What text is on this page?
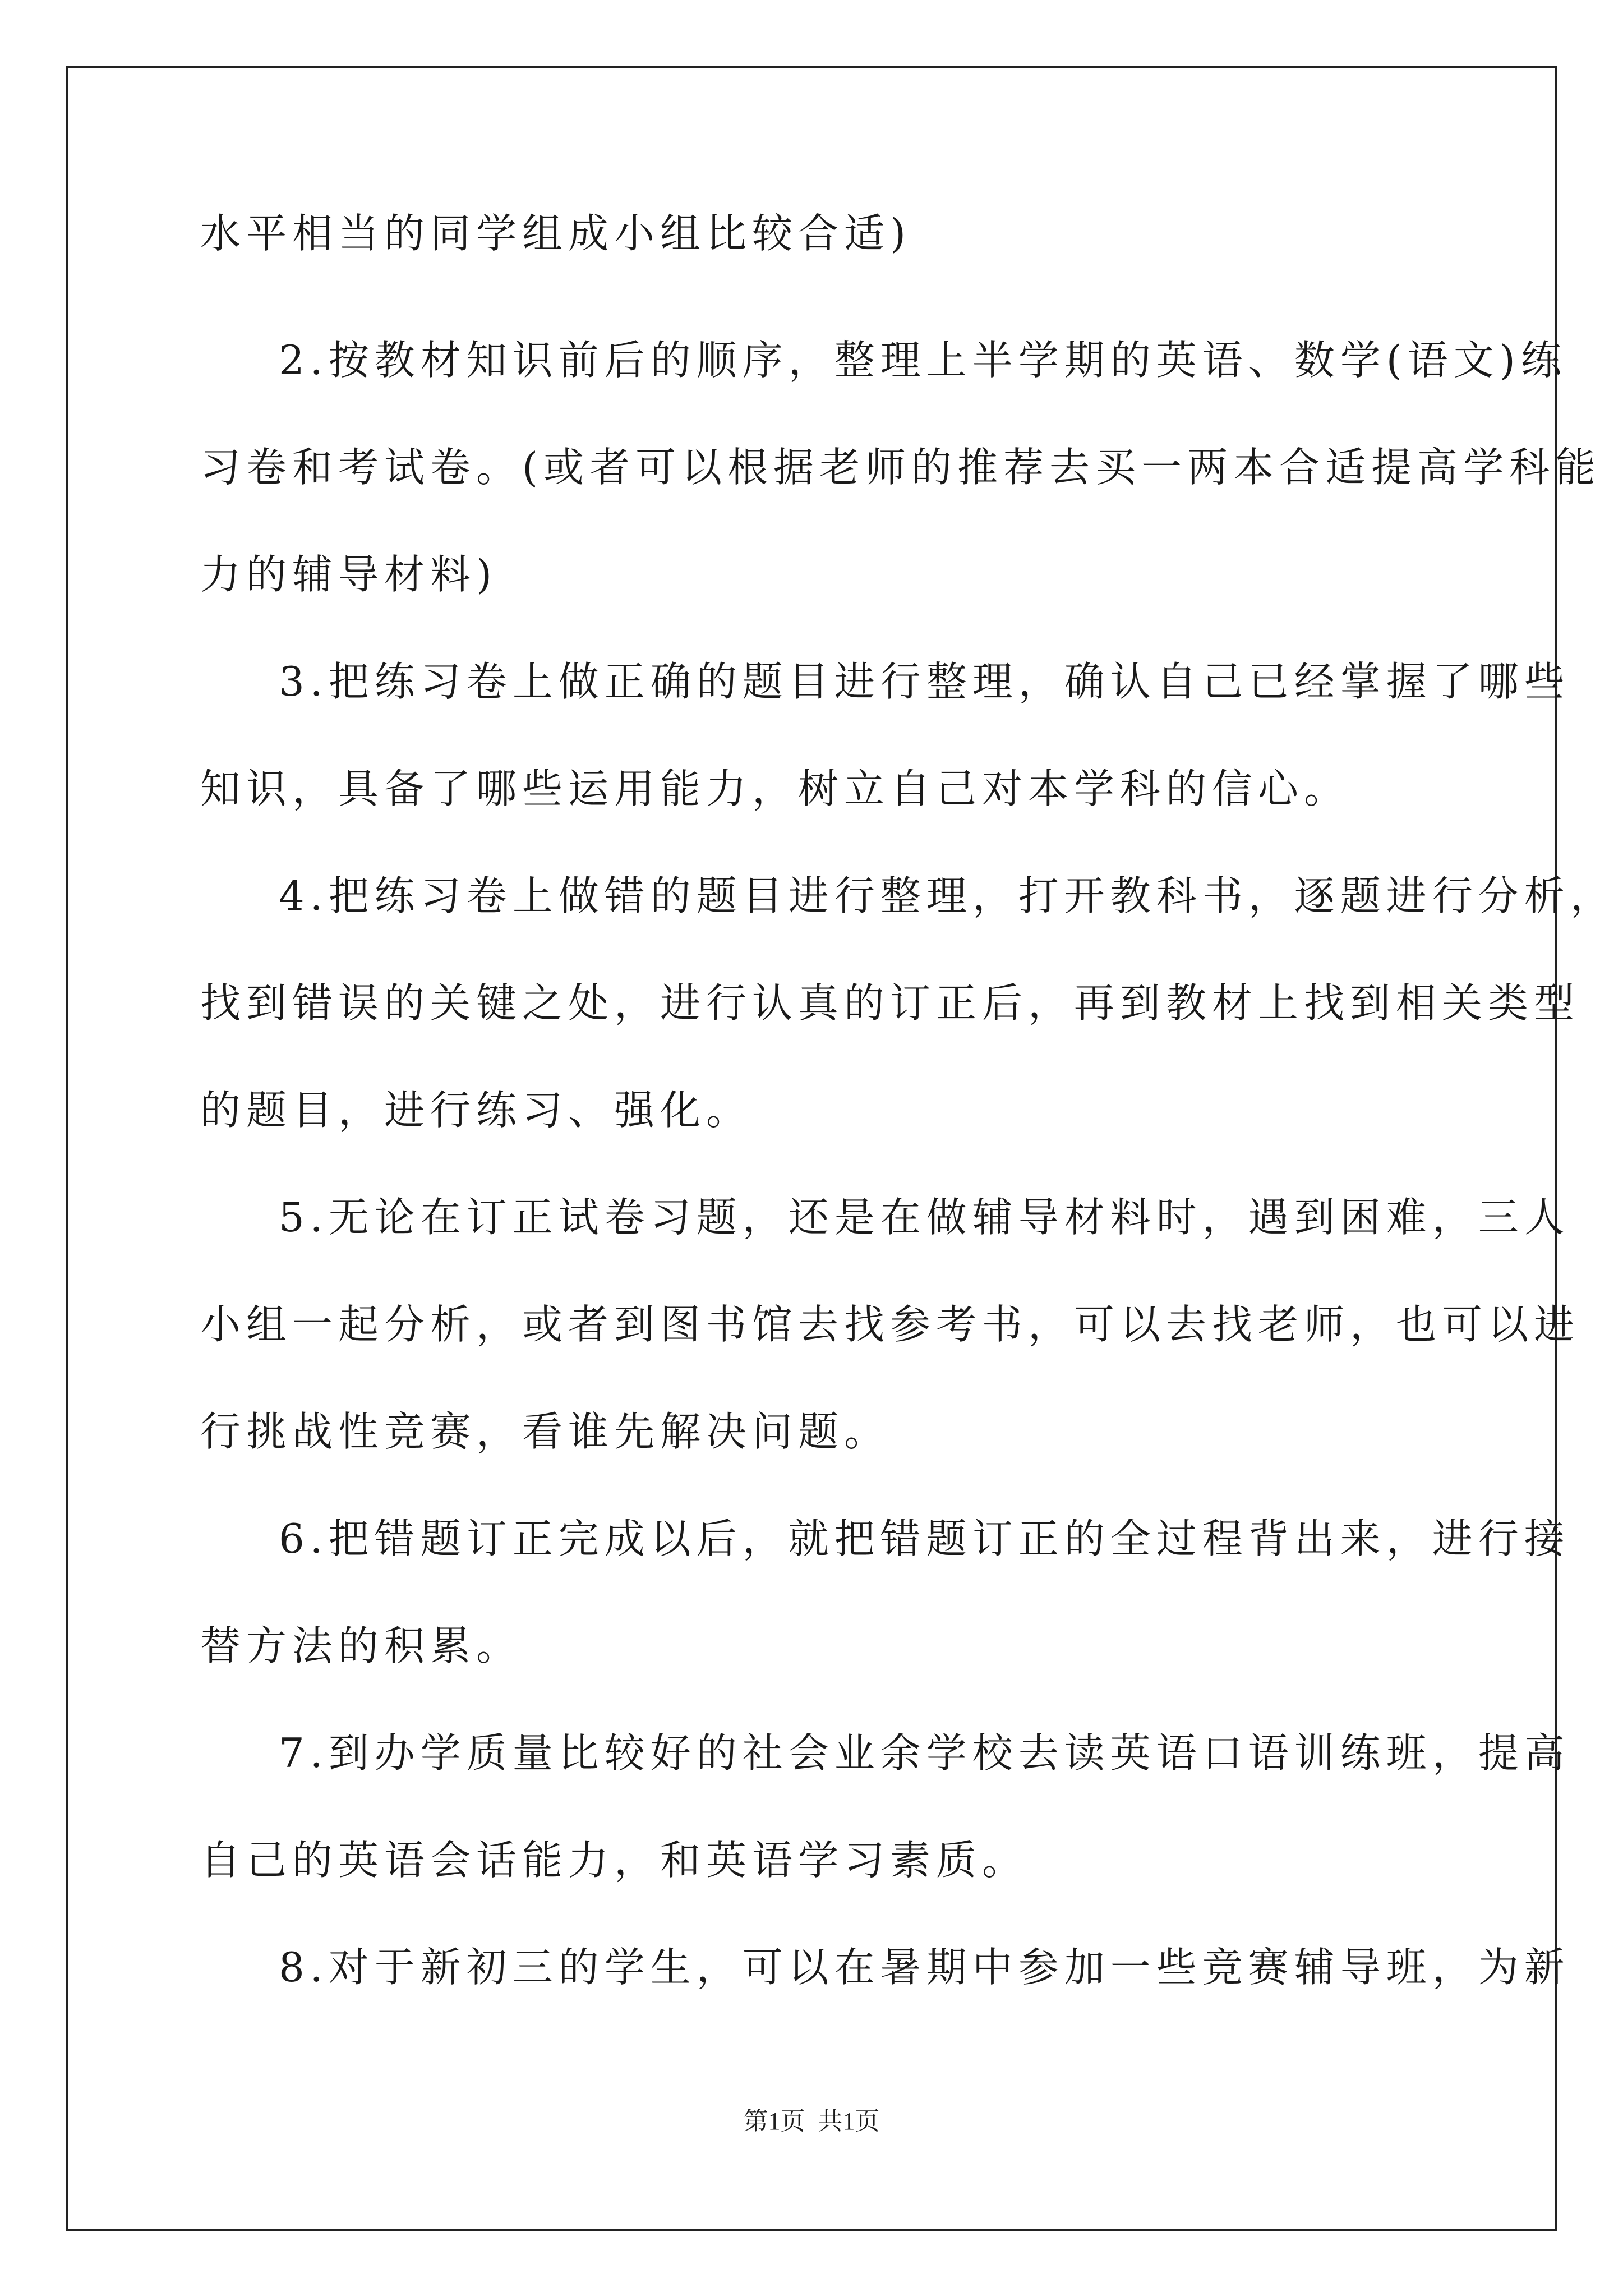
水平相当的同学组成小组比较合适)
2.按教材知识前后的顺序，整理上半学期的英语、数学(语文)练
习卷和考试卷。(或者可以根据老师的推荐去买一两本合适提高学科能
力的辅导材料)
3.把练习卷上做正确的题目进行整理，确认自己已经掌握了哪些
知识，具备了哪些运用能力，树立自己对本学科的信心。
4.把练习卷上做错的题目进行整理，打开教科书，逐题进行分析，
找到错误的关键之处，进行认真的订正后，再到教材上找到相关类型
的题目，进行练习、强化。
5.无论在订正试卷习题，还是在做辅导材料时，遇到困难，三人
小组一起分析，或者到图书馆去找参考书，可以去找老师，也可以进
行挑战性竞赛，看谁先解决问题。
6.把错题订正完成以后，就把错题订正的全过程背出来，进行接
替方法的积累。
7.到办学质量比较好的社会业余学校去读英语口语训练班，提高
自己的英语会话能力，和英语学习素质。
8.对于新初三的学生，可以在暑期中参加一些竞赛辅导班，为新
第1页 共1页
